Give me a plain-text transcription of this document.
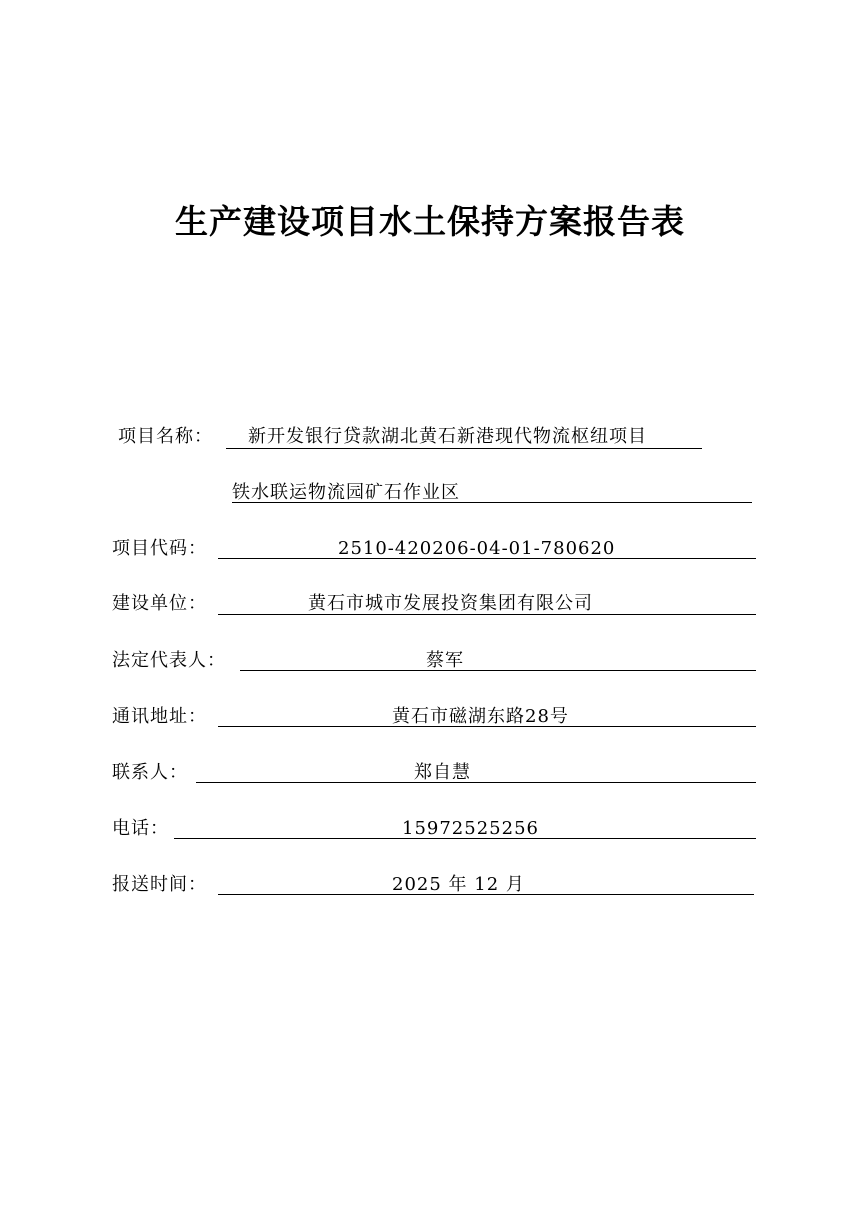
生产建设项目水土保持方案报告表
项目名称： 新开发银行贷款湖北黄石新港现代物流枢纽项目
铁水联运物流园矿石作业区
项目代码：	2510-420206-04-01-780620
建设单位：	黄石市城市发展投资集团有限公司
法定代表人：	蔡军
通讯地址：	黄石市磁湖东路28号
联系人：	郑自慧
电话：	15972525256
报送时间：	2025 年 12 月
